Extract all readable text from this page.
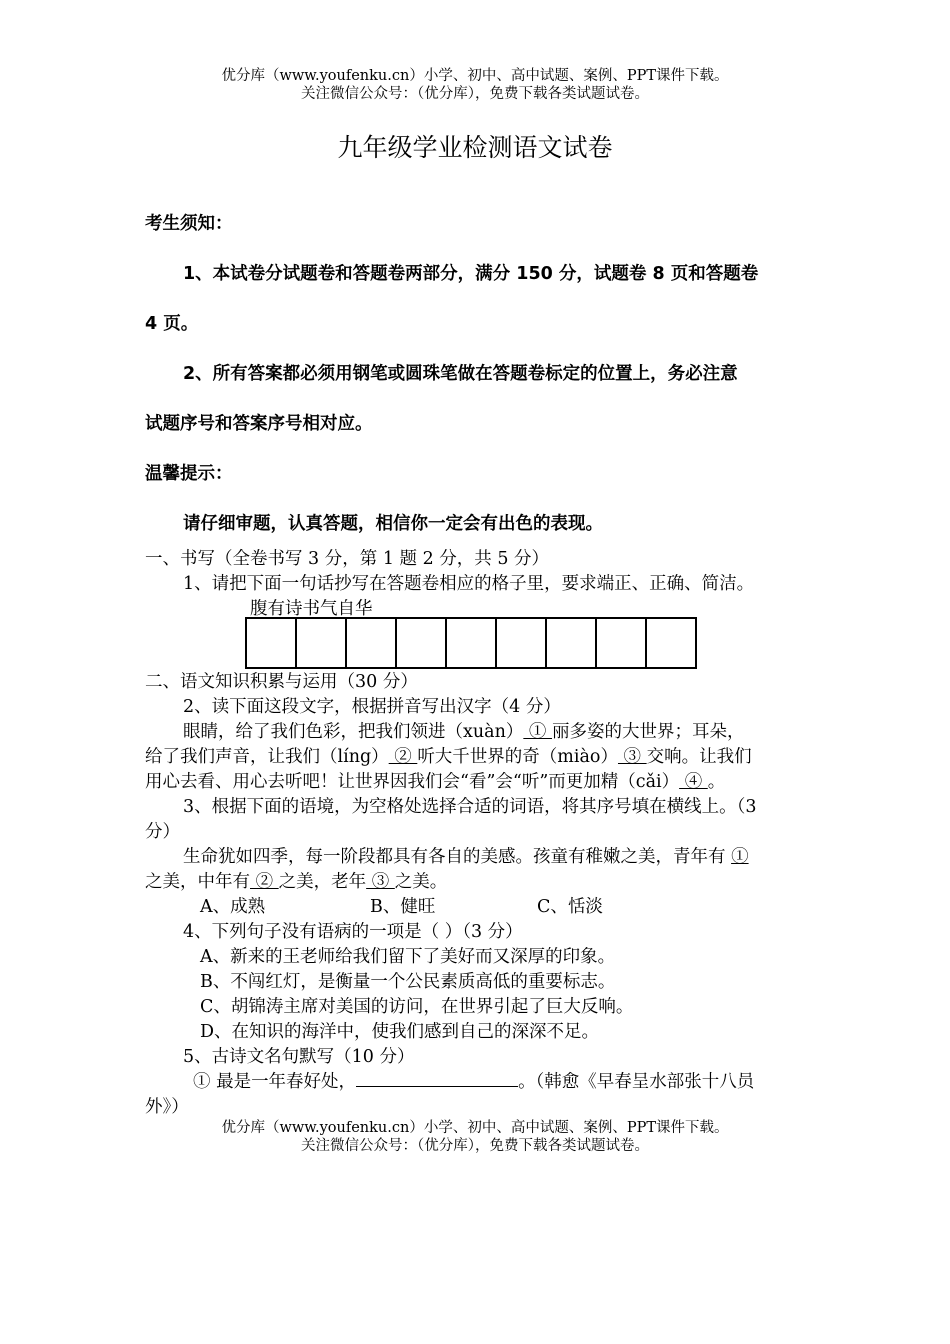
优分库（www.youfenku.cn）小学、初中、高中试题、案例、PPT课件下载。
关注微信公众号：（优分库），免费下载各类试题试卷。
九年级学业检测语文试卷
考生须知：
1、本试卷分试题卷和答题卷两部分，满分 150 分，试题卷 8 页和答题卷
4 页。
2、所有答案都必须用钢笔或圆珠笔做在答题卷标定的位置上，务必注意
试题序号和答案序号相对应。
温馨提示：
请仔细审题，认真答题，相信你一定会有出色的表现。
一、书写（全卷书写 3 分，第 1 题 2 分，共 5 分）
1、请把下面一句话抄写在答题卷相应的格子里，要求端正、正确、简洁。
腹有诗书气自华
二、语文知识积累与运用（30 分）
2、读下面这段文字，根据拼音写出汉字（4 分）
眼睛，给了我们色彩，把我们领进（xuàn） ① 丽多姿的大世界；耳朵，
给了我们声音，让我们（líng） ② 听大千世界的奇（miào） ③ 交响。让我们
用心去看、用心去听吧！让世界因我们会“看”会“听”而更加精（cǎi） ④ 。
3、根据下面的语境，为空格处选择合适的词语，将其序号填在横线上。（3
分）
生命犹如四季，每一阶段都具有各自的美感。孩童有稚嫩之美，青年有 ①
之美，中年有 ② 之美，老年 ③ 之美。
A、成熟	B、健旺	C、恬淡
4、下列句子没有语病的一项是（ ）（3 分）
A、新来的王老师给我们留下了美好而又深厚的印象。
B、不闯红灯，是衡量一个公民素质高低的重要标志。
C、胡锦涛主席对美国的访问，在世界引起了巨大反响。
D、在知识的海洋中，使我们感到自己的深深不足。
5、古诗文名句默写（10 分）
① 最是一年春好处，	。（韩愈《早春呈水部张十八员
外》）
优分库（www.youfenku.cn）小学、初中、高中试题、案例、PPT课件下载。
关注微信公众号：（优分库），免费下载各类试题试卷。
